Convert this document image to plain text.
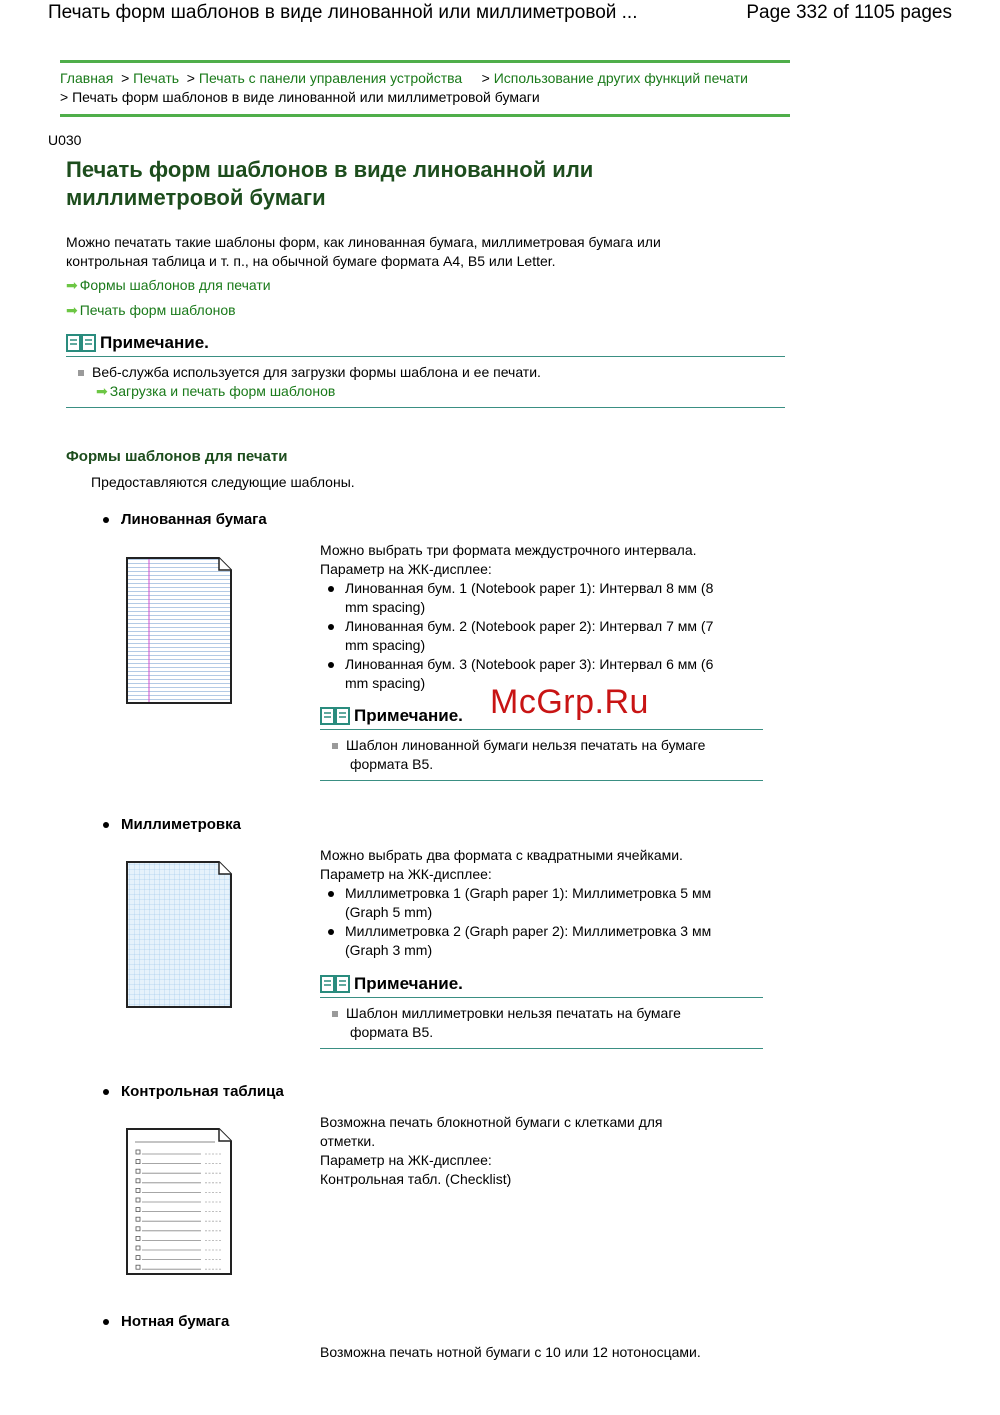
Печать форм шаблонов в виде линованной или миллиметровой ...	Page 332 of 1105 pages
Главная  > Печать  > Печать с панели управления устройства     > Использование других функций печати
> Печать форм шаблонов в виде линованной или миллиметровой бумаги
U030
Печать форм шаблонов в виде линованной или
миллиметровой бумаги
Можно печатать такие шаблоны форм, как линованная бумага, миллиметровая бумага или
контрольная таблица и т. п., на обычной бумаге формата A4, B5 или Letter.
➡ Формы шаблонов для печати
➡ Печать форм шаблонов
Примечание.
Веб-служба используется для загрузки формы шаблона и ее печати.
➡ Загрузка и печать форм шаблонов
Формы шаблонов для печати
Предоставляются следующие шаблоны.
Линованная бумага
Можно выбрать три формата междустрочного интервала.
Параметр на ЖК-дисплее:
Линованная бум. 1 (Notebook paper 1): Интервал 8 мм (8
mm spacing)
Линованная бум. 2 (Notebook paper 2): Интервал 7 мм (7
mm spacing)
Линованная бум. 3 (Notebook paper 3): Интервал 6 мм (6
mm spacing)
Примечание.
Шаблон линованной бумаги нельзя печатать на бумаге
формата B5.
Миллиметровка
Можно выбрать два формата с квадратными ячейками.
Параметр на ЖК-дисплее:
Миллиметровка 1 (Graph paper 1): Миллиметровка 5 мм
(Graph 5 mm)
Миллиметровка 2 (Graph paper 2): Миллиметровка 3 мм
(Graph 3 mm)
Примечание.
Шаблон миллиметровки нельзя печатать на бумаге
формата B5.
Контрольная таблица
Возможна печать блокнотной бумаги с клетками для
отметки.
Параметр на ЖК-дисплее:
Контрольная табл. (Checklist)
Нотная бумага
Возможна печать нотной бумаги с 10 или 12 нотоносцами.
McGrp.Ru
